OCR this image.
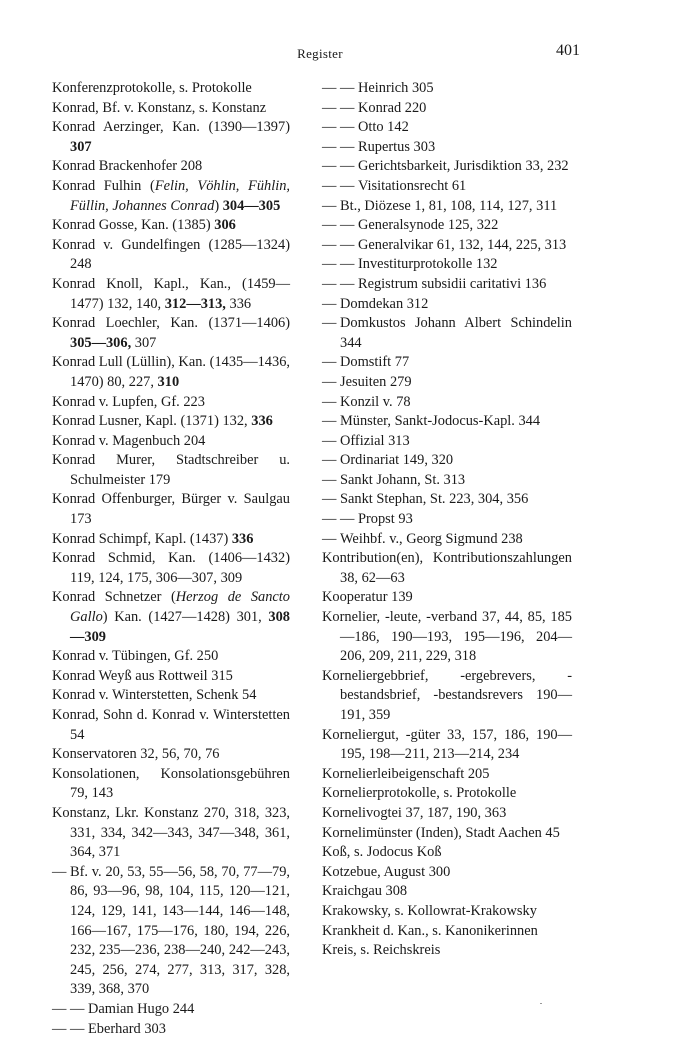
Register	401

Konferenzprotokolle, s. Protokolle

Konrad, Bf. v. Konstanz, s. Konstanz

Konrad Aerzinger, Kan. (1390—1397) 307

Konrad Brackenhofer 208

Konrad Fulhin (Felin, Vöhlin, Fühlin, Füllin, Johannes Conrad) 304—305

Konrad Gosse, Kan. (1385) 306

Konrad v. Gundelfingen (1285—1324) 248

Konrad Knoll, Kapl., Kan., (1459—1477) 132, 140, 312—313, 336

Konrad Loechler, Kan. (1371—1406) 305—306, 307

Konrad Lull (Lüllin), Kan. (1435—1436, 1470) 80, 227, 310

Konrad v. Lupfen, Gf. 223

Konrad Lusner, Kapl. (1371) 132, 336

Konrad v. Magenbuch 204

Konrad Murer, Stadtschreiber u. Schulmeister 179

Konrad Offenburger, Bürger v. Saulgau 173

Konrad Schimpf, Kapl. (1437) 336

Konrad Schmid, Kan. (1406—1432) 119, 124, 175, 306—307, 309

Konrad Schnetzer (Herzog de Sancto Gallo) Kan. (1427—1428) 301, 308—309

Konrad v. Tübingen, Gf. 250

Konrad Weyß aus Rottweil 315

Konrad v. Winterstetten, Schenk 54

Konrad, Sohn d. Konrad v. Winterstetten 54

Konservatoren 32, 56, 70, 76

Konsolationen, Konsolationsgebühren 79, 143

Konstanz, Lkr. Konstanz 270, 318, 323, 331, 334, 342—343, 347—348, 361, 364, 371

— Bf. v. 20, 53, 55—56, 58, 70, 77—79, 86, 93—96, 98, 104, 115, 120—121, 124, 129, 141, 143—144, 146—148, 166—167, 175—176, 180, 194, 226, 232, 235—236, 238—240, 242—243, 245, 256, 274, 277, 313, 317, 328, 339, 368, 370

— — Damian Hugo 244

— — Eberhard 303

— — Heinrich 305

— — Konrad 220

— — Otto 142

— — Rupertus 303

— — Gerichtsbarkeit, Jurisdiktion 33, 232

— — Visitationsrecht 61

— Bt., Diözese 1, 81, 108, 114, 127, 311

— — Generalsynode 125, 322

— — Generalvikar 61, 132, 144, 225, 313

— — Investiturprotokolle 132

— — Registrum subsidii caritativi 136

— Domdekan 312

— Domkustos Johann Albert Schindelin 344

— Domstift 77

— Jesuiten 279

— Konzil v. 78

— Münster, Sankt-Jodocus-Kapl. 344

— Offizial 313

— Ordinariat 149, 320

— Sankt Johann, St. 313

— Sankt Stephan, St. 223, 304, 356

— — Propst 93

— Weihbf. v., Georg Sigmund 238

Kontribution(en), Kontributionszahlungen 38, 62—63

Kooperatur 139

Kornelier, -leute, -verband 37, 44, 85, 185—186, 190—193, 195—196, 204—206, 209, 211, 229, 318

Korneliergebbrief, -ergebrevers, -bestandsbrief, -bestandsrevers 190—191, 359

Korneliergut, -güter 33, 157, 186, 190—195, 198—211, 213—214, 234

Kornelierleibeigenschaft 205

Kornelierprotokolle, s. Protokolle

Kornelivogtei 37, 187, 190, 363

Kornelimünster (Inden), Stadt Aachen 45

Koß, s. Jodocus Koß

Kotzebue, August 300

Kraichgau 308

Krakowsky, s. Kollowrat-Krakowsky

Krankheit d. Kan., s. Kanonikerinnen

Kreis, s. Reichskreis
